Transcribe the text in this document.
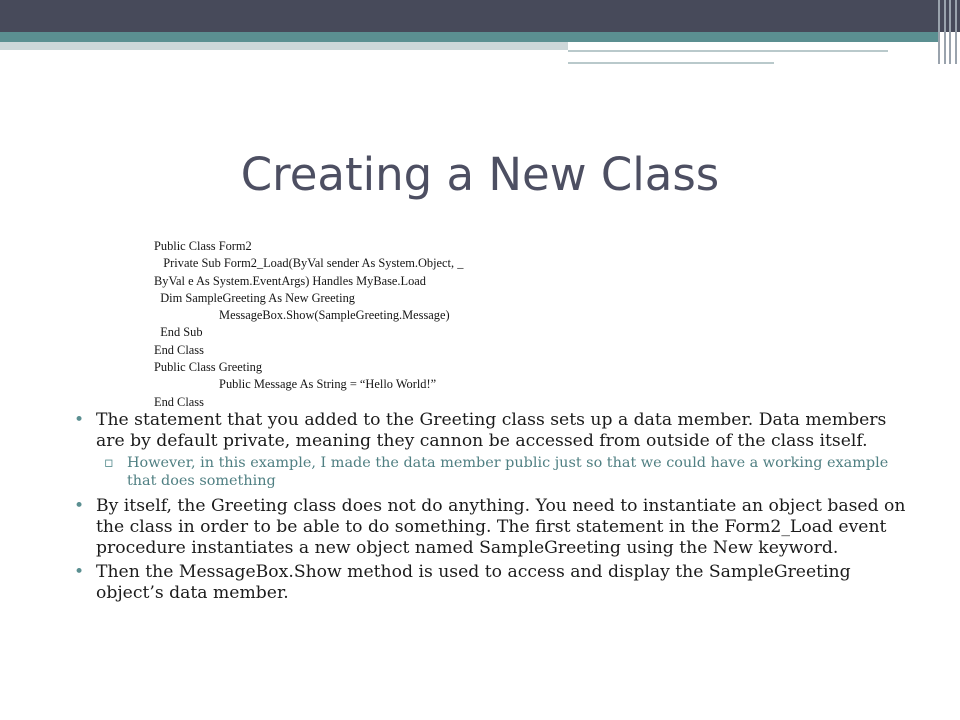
Creating a New Class
Public Class Form2
Private Sub Form2_Load(ByVal sender As System.Object, _
ByVal e As System.EventArgs) Handles MyBase.Load
Dim SampleGreeting As New Greeting
MessageBox.Show(SampleGreeting.Message)
End Sub
End Class
Public Class Greeting
Public Message As String = “Hello World!”
End Class
• The statement that you added to the Greeting class sets up a data member. Data members are by default private, meaning they cannon be accessed from outside of the class itself.
▫ However, in this example, I made the data member public just so that we could have a working example that does something
• By itself, the Greeting class does not do anything. You need to instantiate an object based on the class in order to be able to do something. The first statement in the Form2_Load event procedure instantiates a new object named SampleGreeting using the New keyword.
• Then the MessageBox.Show method is used to access and display the SampleGreeting object’s data member.
